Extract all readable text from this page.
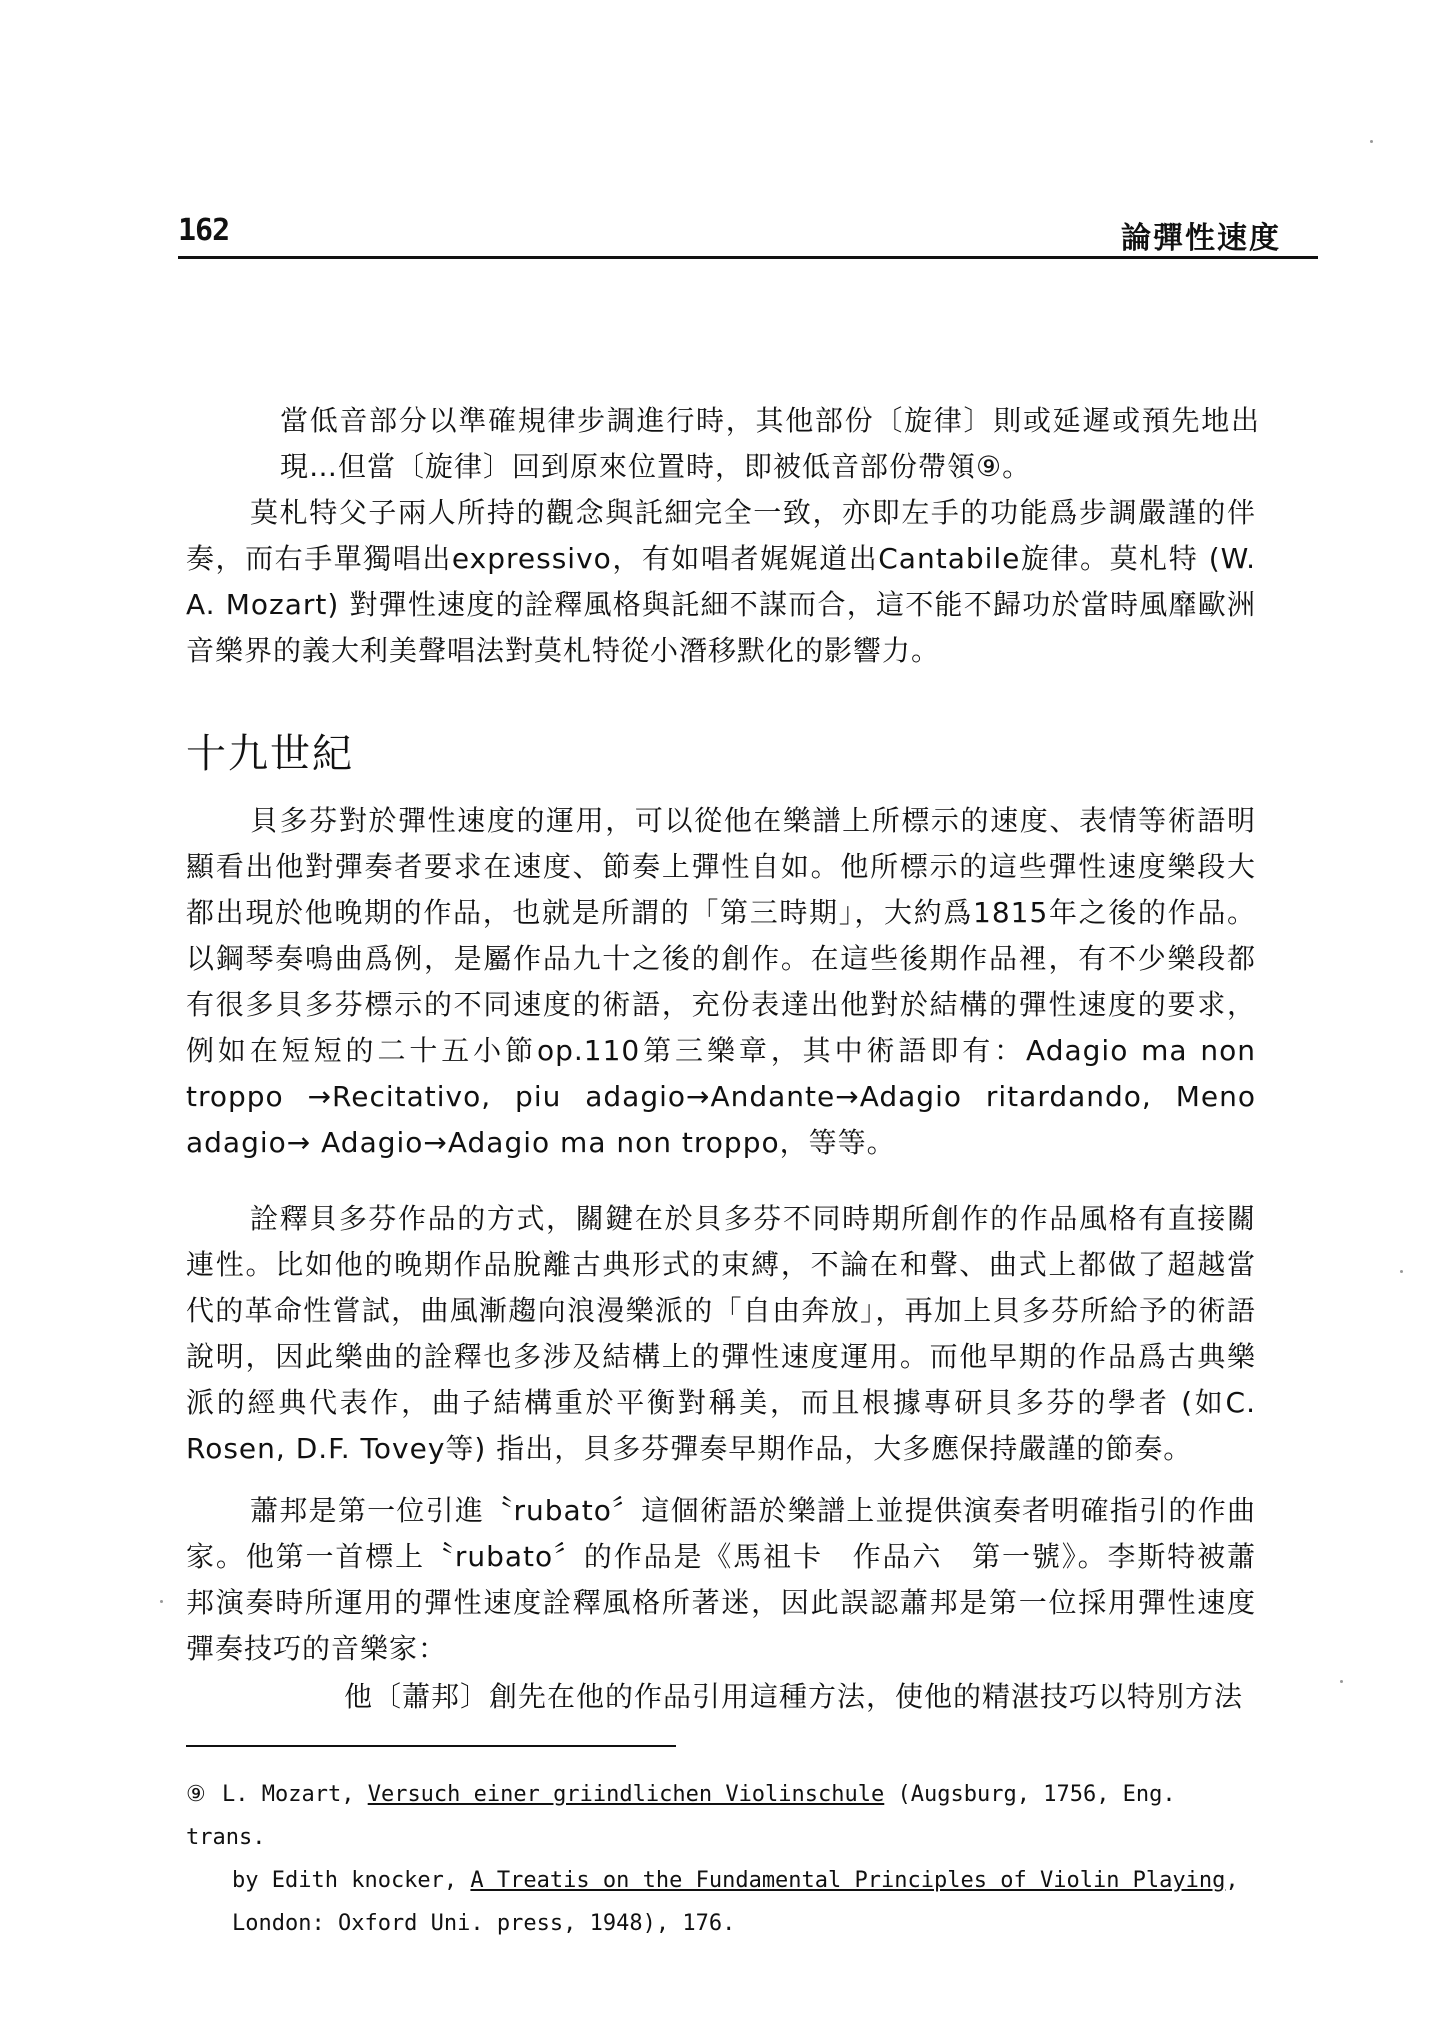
162	論彈性速度
當低音部分以準確規律步調進行時，其他部份〔旋律〕則或延遲或預先地出現…但當〔旋律〕回到原來位置時，即被低音部份帶領⑨。
莫札特父子兩人所持的觀念與託細完全一致，亦即左手的功能爲步調嚴謹的伴奏，而右手單獨唱出expressivo，有如唱者娓娓道出Cantabile旋律。莫札特 (W. A. Mozart) 對彈性速度的詮釋風格與託細不謀而合，這不能不歸功於當時風靡歐洲音樂界的義大利美聲唱法對莫札特從小潛移默化的影響力。
十九世紀
貝多芬對於彈性速度的運用，可以從他在樂譜上所標示的速度、表情等術語明顯看出他對彈奏者要求在速度、節奏上彈性自如。他所標示的這些彈性速度樂段大都出現於他晚期的作品，也就是所謂的「第三時期」，大約爲1815年之後的作品。以鋼琴奏鳴曲爲例，是屬作品九十之後的創作。在這些後期作品裡，有不少樂段都有很多貝多芬標示的不同速度的術語，充份表達出他對於結構的彈性速度的要求，例如在短短的二十五小節op.110第三樂章，其中術語即有：Adagio ma non troppo →Recitativo, piu adagio→Andante→Adagio ritardando, Meno adagio→ Adagio→Adagio ma non troppo，等等。
詮釋貝多芬作品的方式，關鍵在於貝多芬不同時期所創作的作品風格有直接關連性。比如他的晚期作品脫離古典形式的束縛，不論在和聲、曲式上都做了超越當代的革命性嘗試，曲風漸趨向浪漫樂派的「自由奔放」，再加上貝多芬所給予的術語說明，因此樂曲的詮釋也多涉及結構上的彈性速度運用。而他早期的作品爲古典樂派的經典代表作，曲子結構重於平衡對稱美，而且根據專研貝多芬的學者 (如C. Rosen, D.F. Tovey等) 指出，貝多芬彈奏早期作品，大多應保持嚴謹的節奏。
蕭邦是第一位引進〝rubato〞這個術語於樂譜上並提供演奏者明確指引的作曲家。他第一首標上〝rubato〞的作品是《馬祖卡　作品六　第一號》。李斯特被蕭邦演奏時所運用的彈性速度詮釋風格所著迷，因此誤認蕭邦是第一位採用彈性速度彈奏技巧的音樂家：
他〔蕭邦〕創先在他的作品引用這種方法，使他的精湛技巧以特別方法
⑨ L. Mozart, Versuch einer griindlichen Violinschule (Augsburg, 1756, Eng. trans.
by Edith knocker, A Treatis on the Fundamental Principles of Violin Playing,
London: Oxford Uni. press, 1948), 176.
